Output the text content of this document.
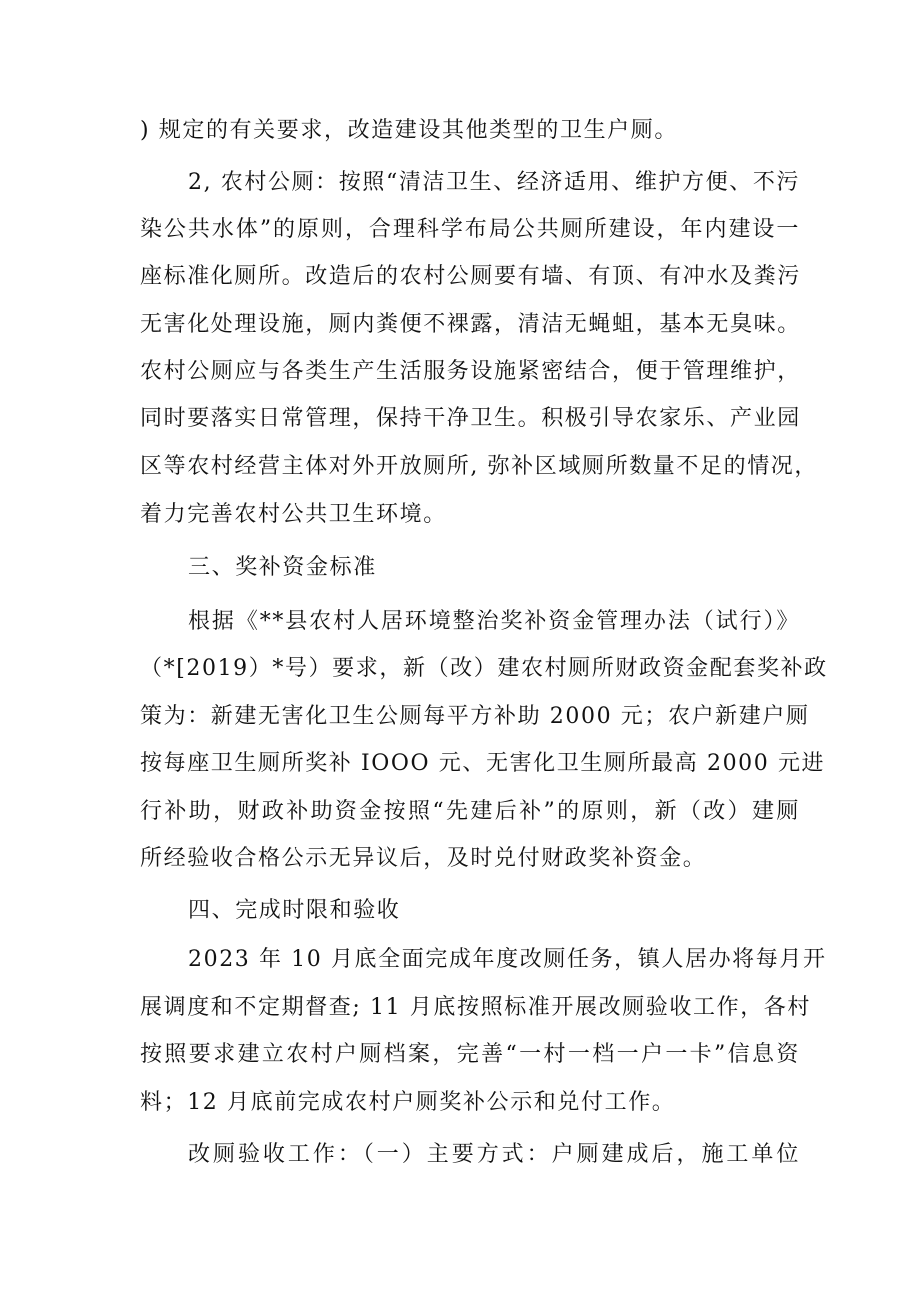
) 规定的有关要求，改造建设其他类型的卫生户厕。
2, 农村公厕：按照“清洁卫生、经济适用、维护方便、不污
染公共水体”的原则，合理科学布局公共厕所建设，年内建设一
座标准化厕所。改造后的农村公厕要有墙、有顶、有冲水及粪污
无害化处理设施，厕内粪便不裸露，清洁无蝇蛆，基本无臭味。
农村公厕应与各类生产生活服务设施紧密结合，便于管理维护，
同时要落实日常管理，保持干净卫生。积极引导农家乐、产业园
区等农村经营主体对外开放厕所, 弥补区域厕所数量不足的情况，
着力完善农村公共卫生环境。
三、奖补资金标准
根据《**县农村人居环境整治奖补资金管理办法（试行）》
（*[2019）*号）要求，新（改）建农村厕所财政资金配套奖补政
策为：新建无害化卫生公厕每平方补助 2000 元；农户新建户厕
按每座卫生厕所奖补 IOOO 元、无害化卫生厕所最高 2000 元进
行补助，财政补助资金按照“先建后补”的原则，新（改）建厕
所经验收合格公示无异议后，及时兑付财政奖补资金。
四、完成时限和验收
2023 年 10 月底全面完成年度改厕任务，镇人居办将每月开
展调度和不定期督查; 11 月底按照标准开展改厕验收工作，各村
按照要求建立农村户厕档案，完善“一村一档一户一卡”信息资
料；12 月底前完成农村户厕奖补公示和兑付工作。
改厕验收工作：（一）主要方式：户厕建成后，施工单位
